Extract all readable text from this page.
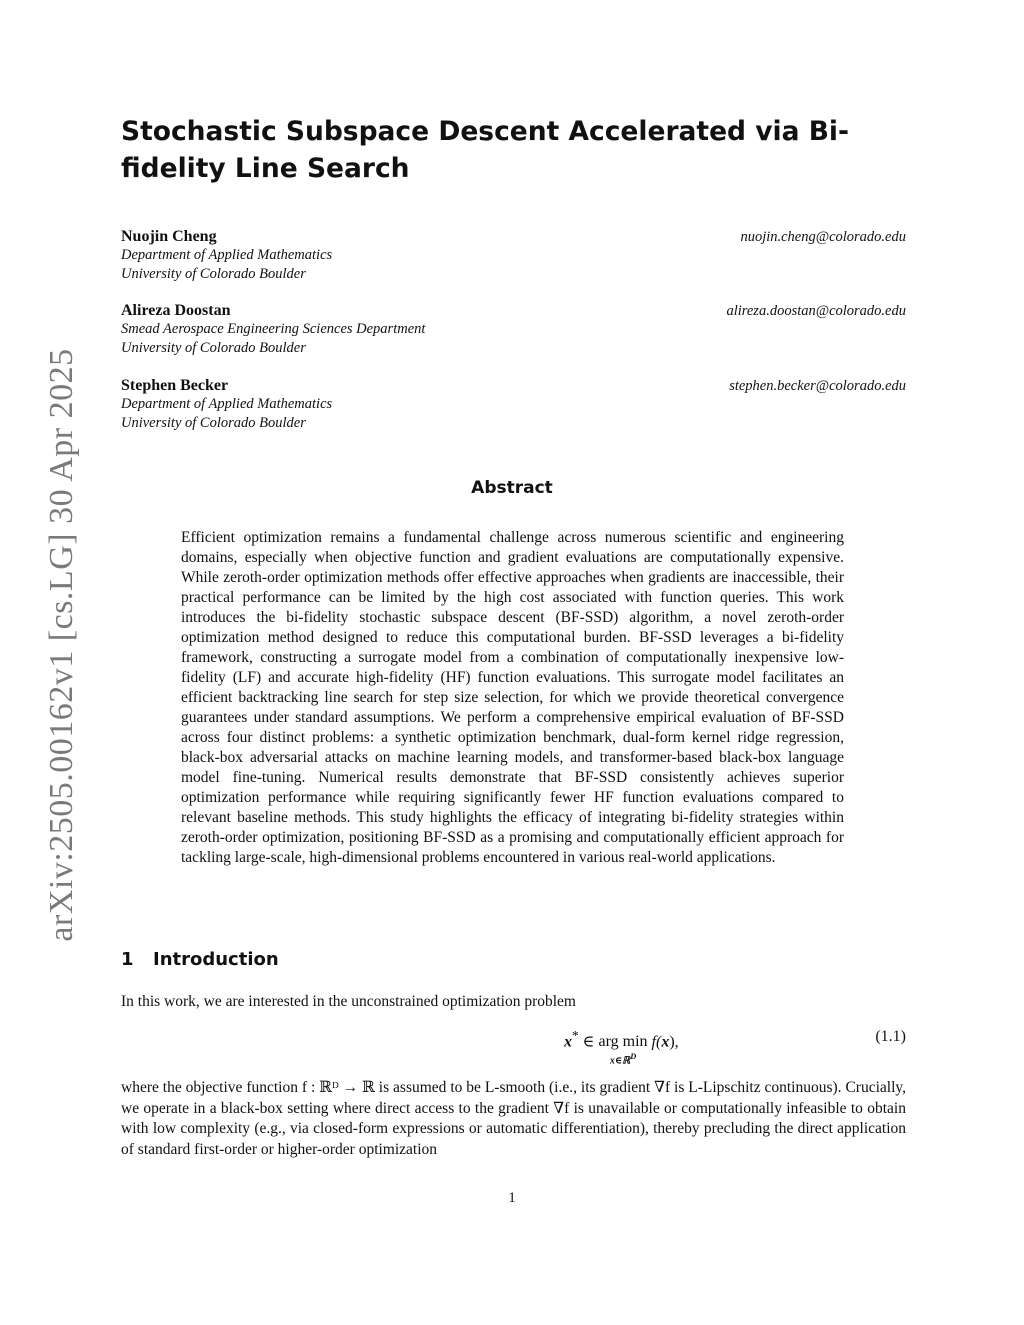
arXiv:2505.00162v1 [cs.LG] 30 Apr 2025
Stochastic Subspace Descent Accelerated via Bi-fidelity Line Search
Nuojin Cheng	nuojin.cheng@colorado.edu
Department of Applied Mathematics
University of Colorado Boulder
Alireza Doostan	alireza.doostan@colorado.edu
Smead Aerospace Engineering Sciences Department
University of Colorado Boulder
Stephen Becker	stephen.becker@colorado.edu
Department of Applied Mathematics
University of Colorado Boulder
Abstract

Efficient optimization remains a fundamental challenge across numerous scientific and engineering domains, especially when objective function and gradient evaluations are computationally expensive. While zeroth-order optimization methods offer effective approaches when gradients are inaccessible, their practical performance can be limited by the high cost associated with function queries. This work introduces the bi-fidelity stochastic subspace descent (BF-SSD) algorithm, a novel zeroth-order optimization method designed to reduce this computational burden. BF-SSD leverages a bi-fidelity framework, constructing a surrogate model from a combination of computationally inexpensive low-fidelity (LF) and accurate high-fidelity (HF) function evaluations. This surrogate model facilitates an efficient backtracking line search for step size selection, for which we provide theoretical convergence guarantees under standard assumptions. We perform a comprehensive empirical evaluation of BF-SSD across four distinct problems: a synthetic optimization benchmark, dual-form kernel ridge regression, black-box adversarial attacks on machine learning models, and transformer-based black-box language model fine-tuning. Numerical results demonstrate that BF-SSD consistently achieves superior optimization performance while requiring significantly fewer HF function evaluations compared to relevant baseline methods. This study highlights the efficacy of integrating bi-fidelity strategies within zeroth-order optimization, positioning BF-SSD as a promising and computationally efficient approach for tackling large-scale, high-dimensional problems encountered in various real-world applications.

1 Introduction

In this work, we are interested in the unconstrained optimization problem

x* ∈ arg min
x∈ℝ$^D$
f(x),	(1.1)

where the objective function f : ℝᴰ → ℝ is assumed to be L-smooth (i.e., its gradient ∇f is L-Lipschitz continuous). Crucially, we operate in a black-box setting where direct access to the gradient ∇f is unavailable or computationally infeasible to obtain with low complexity (e.g., via closed-form expressions or automatic differentiation), thereby precluding the direct application of standard first-order or higher-order optimization

1
